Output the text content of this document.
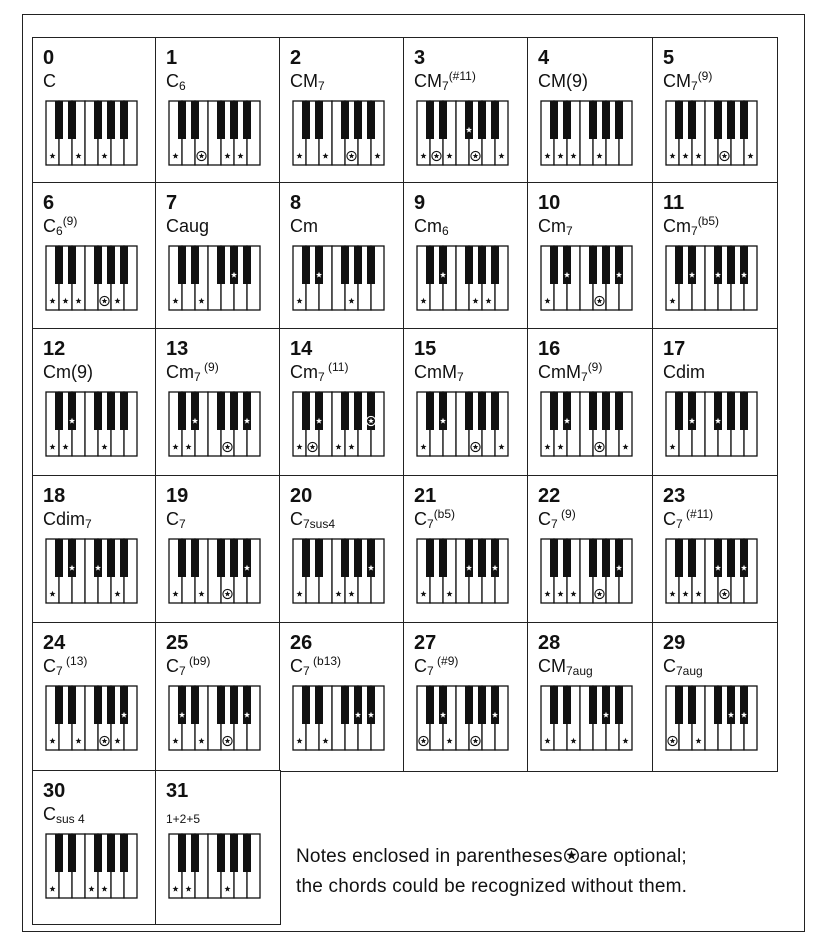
0
C
1
$C_6$
2
$CM_7$
3
$CM_7^{(\#11)}$
4
CM(9)
5
$CM_7^{(9)}$
6
$C_6^{(9)}$
7
Caug
8
Cm
9
$Cm_6$
10
$Cm_7$
11
$Cm_7^{(b5)}$
12
Cm(9)
13
$Cm_7$ $^{(9)}$
14
$Cm_7$ $^{(11)}$
15
CmM$_7$
16
CmM$_7^{(9)}$
17
Cdim
18
Cdim$_7$
19
$C_7$
20
$C_{7sus4}$
21
$C_7^{(b5)}$
22
$C_7$ $^{(9)}$
23
$C_7$ $^{(\#11)}$
24
$C_7$ $^{(13)}$
25
$C_7$ $^{(b9)}$
26
$C_7$ $^{(b13)}$
27
$C_7$ $^{(\#9)}$
28
$CM_{7aug}$
29
$C_{7aug}$
30
$C_{sus 4}$
31
$_{1+2+5}$
Notes enclosed in parentheses are optional;
the chords could be recognized without them.
